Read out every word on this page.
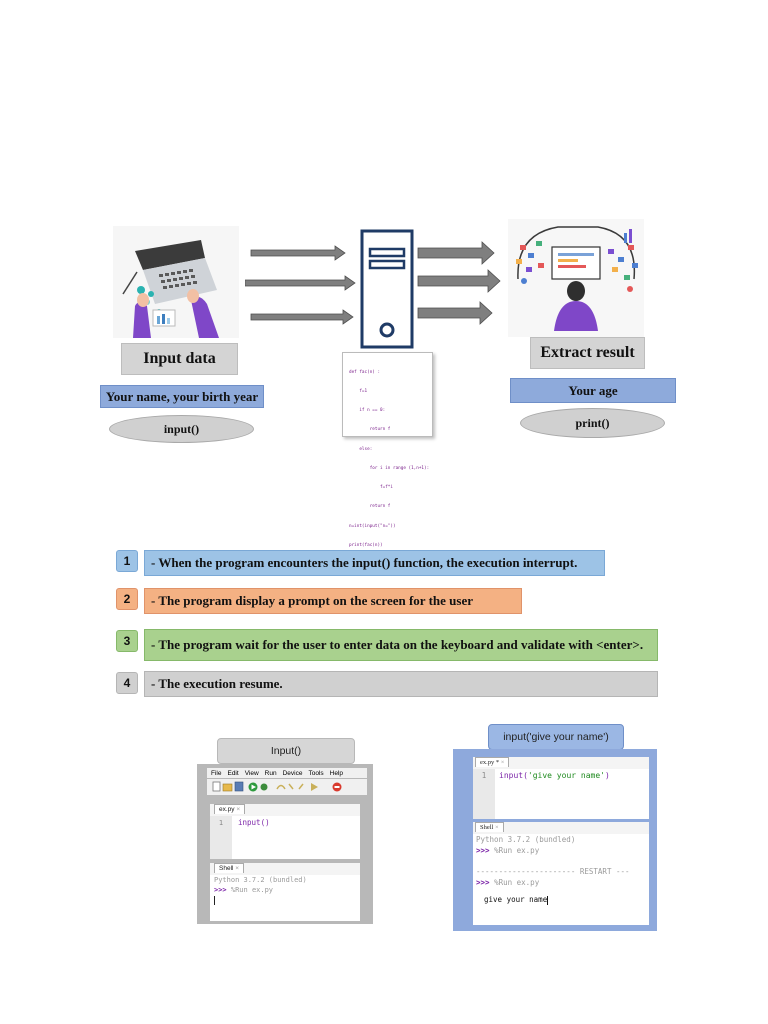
Input data
Your name, your birth year
input()

def fac(n) :

f=1

if n == 0:

return f

else:

for i in range (1,n+1):

f=f*i

return f

n=int(input("n="))

print(fac(n))

Extract result
Your age
print()
1	- When the program encounters the input() function, the execution interrupt.
2	- The program display a prompt on the screen for the user
3	- The program wait for the user to enter data on the keyboard and validate with <enter>.
4	- The execution resume.
Input()
File Edit View Run Device Tools Help
ex.py ×
1	input()
Shell ×
Python 3.7.2 (bundled)
>>> %Run ex.py
input('give your name')
ex.py * ×
1	input('give your name')
Shell ×
Python 3.7.2 (bundled)
>>> %Run ex.py
---------------------- RESTART ---
>>> %Run ex.py
give your name
